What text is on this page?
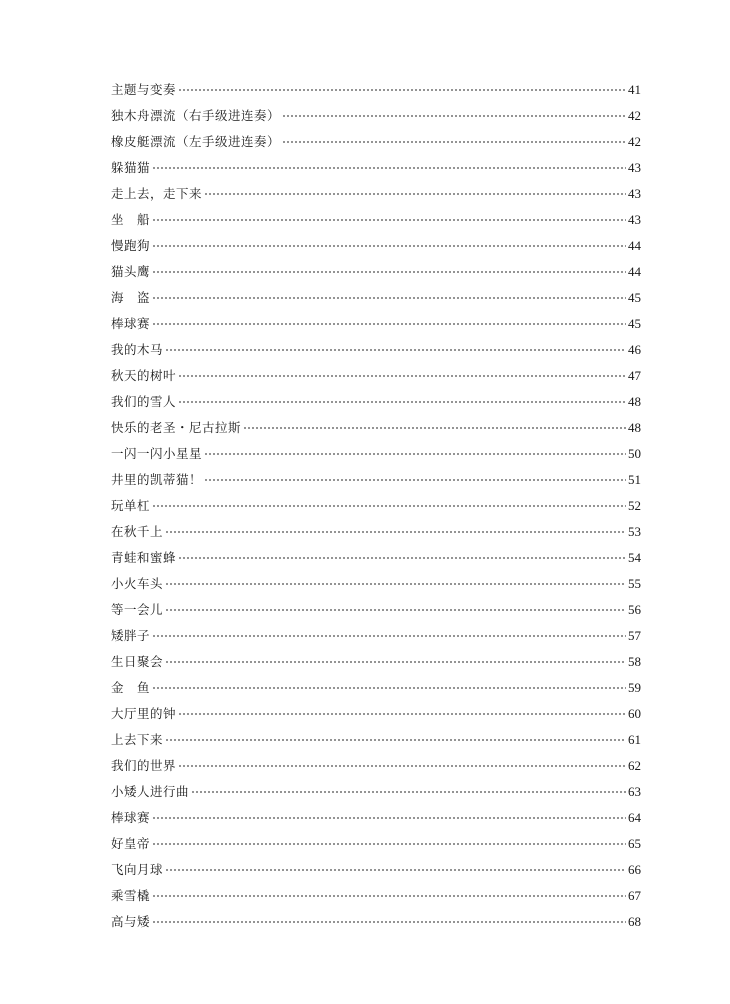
主题与变奏	41
独木舟漂流（右手级进连奏）	42
橡皮艇漂流（左手级进连奏）	42
躲猫猫	43
走上去，走下来	43
坐　船	43
慢跑狗	44
猫头鹰	44
海　盗	45
棒球赛	45
我的木马	46
秋天的树叶	47
我们的雪人	48
快乐的老圣・尼古拉斯	48
一闪一闪小星星	50
井里的凯蒂猫！	51
玩单杠	52
在秋千上	53
青蛙和蜜蜂	54
小火车头	55
等一会儿	56
矮胖子	57
生日聚会	58
金　鱼	59
大厅里的钟	60
上去下来	61
我们的世界	62
小矮人进行曲	63
棒球赛	64
好皇帝	65
飞向月球	66
乘雪橇	67
高与矮	68
